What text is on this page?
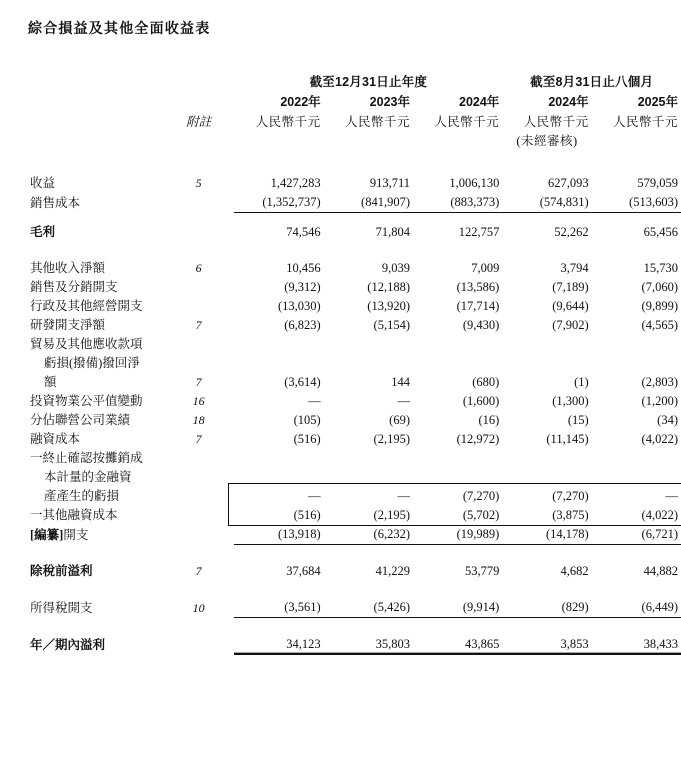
綜合損益及其他全面收益表
			截至12月31日止年度			截至8月31日止八個月	
			2022年	2023年	2024年	2024年	2025年
	附註		人民幣千元	人民幣千元	人民幣千元	人民幣千元	人民幣千元
						(未經審核)	

收益	5		1,427,283	913,711	1,006,130	627,093	579,059
銷售成本			(1,352,737)	(841,907)	(883,373)	(574,831)	(513,603)

毛利			74,546	71,804	122,757	52,262	65,456

其他收入淨額	6		10,456	9,039	7,009	3,794	15,730
銷售及分銷開支			(9,312)	(12,188)	(13,586)	(7,189)	(7,060)
行政及其他經營開支			(13,030)	(13,920)	(17,714)	(9,644)	(9,899)
研發開支淨額	7		(6,823)	(5,154)	(9,430)	(7,902)	(4,565)
貿易及其他應收款項							
虧損(撥備)撥回淨							
額	7		(3,614)	144	(680)	(1)	(2,803)
投資物業公平值變動	16		—	—	(1,600)	(1,300)	(1,200)
分佔聯營公司業績	18		(105)	(69)	(16)	(15)	(34)
融資成本	7		(516)	(2,195)	(12,972)	(11,145)	(4,022)
一終止確認按攤銷成							
本計量的金融資							
產產生的虧損			—	—	(7,270)	(7,270)	—
一其他融資成本			(516)	(2,195)	(5,702)	(3,875)	(4,022)
[編纂]開支			(13,918)	(6,232)	(19,989)	(14,178)	(6,721)

除稅前溢利	7		37,684	41,229	53,779	4,682	44,882

所得稅開支	10		(3,561)	(5,426)	(9,914)	(829)	(6,449)

年／期內溢利			34,123	35,803	43,865	3,853	38,433
